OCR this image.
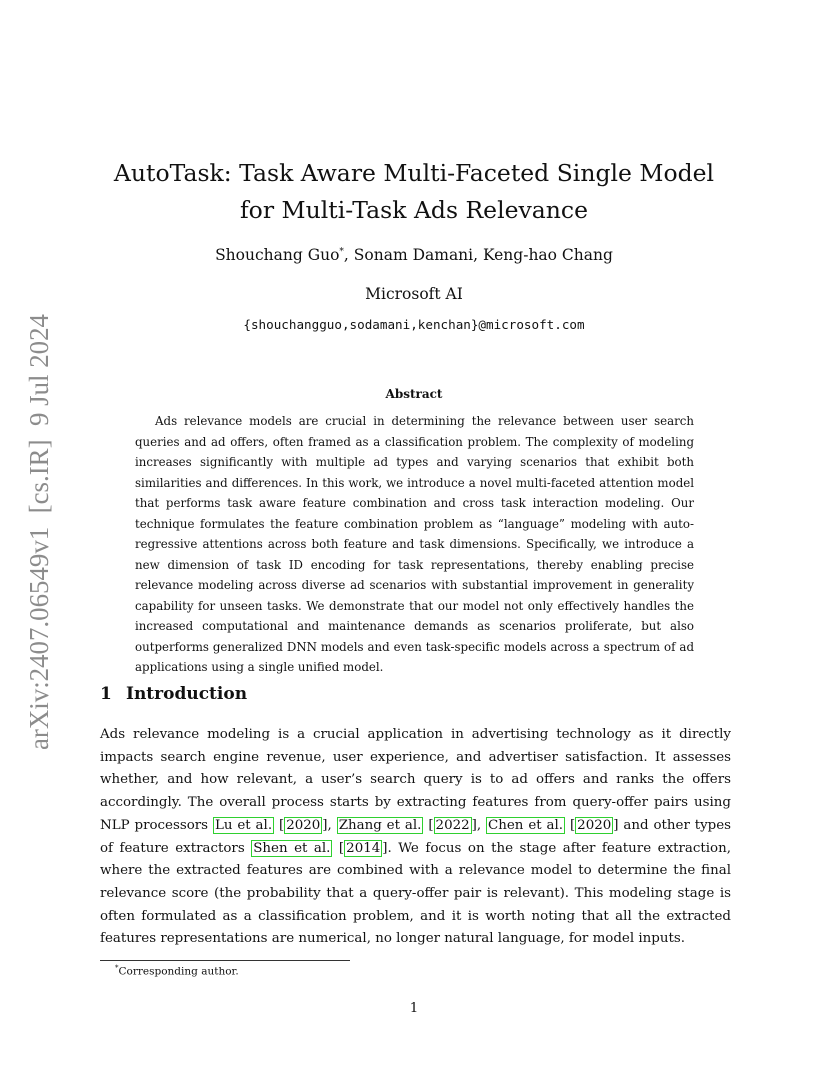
arXiv:2407.06549v1  [cs.IR]  9 Jul 2024
AutoTask: Task Aware Multi-Faceted Single Model for Multi-Task Ads Relevance
Shouchang Guo*, Sonam Damani, Keng-hao Chang
Microsoft AI
{shouchangguo,sodamani,kenchan}@microsoft.com
Abstract

Ads relevance models are crucial in determining the relevance between user search queries and ad offers, often framed as a classification problem. The complexity of modeling increases significantly with multiple ad types and varying scenarios that exhibit both similarities and differences. In this work, we introduce a novel multi-faceted attention model that performs task aware feature combination and cross task interaction modeling. Our technique formulates the feature combination problem as “language” modeling with auto-regressive attentions across both feature and task dimensions. Specifically, we introduce a new dimension of task ID encoding for task representations, thereby enabling precise relevance modeling across diverse ad scenarios with substantial improvement in generality capability for unseen tasks. We demonstrate that our model not only effectively handles the increased computational and maintenance demands as scenarios proliferate, but also outperforms generalized DNN models and even task-specific models across a spectrum of ad applications using a single unified model.

1 Introduction

Ads relevance modeling is a crucial application in advertising technology as it directly impacts search engine revenue, user experience, and advertiser satisfaction. It assesses whether, and how relevant, a user’s search query is to ad offers and ranks the offers accordingly. The overall process starts by extracting features from query-offer pairs using NLP processors Lu et al. [ 2020 ], Zhang et al. [ 2022 ], Chen et al. [ 2020 ] and other types of feature extractors Shen et al. [ 2014 ]. We focus on the stage after feature extraction, where the extracted features are combined with a relevance model to determine the final relevance score (the probability that a query-offer pair is relevant). This modeling stage is often formulated as a classification problem, and it is worth noting that all the extracted features representations are numerical, no longer natural language, for model inputs.

*Corresponding author.
1
